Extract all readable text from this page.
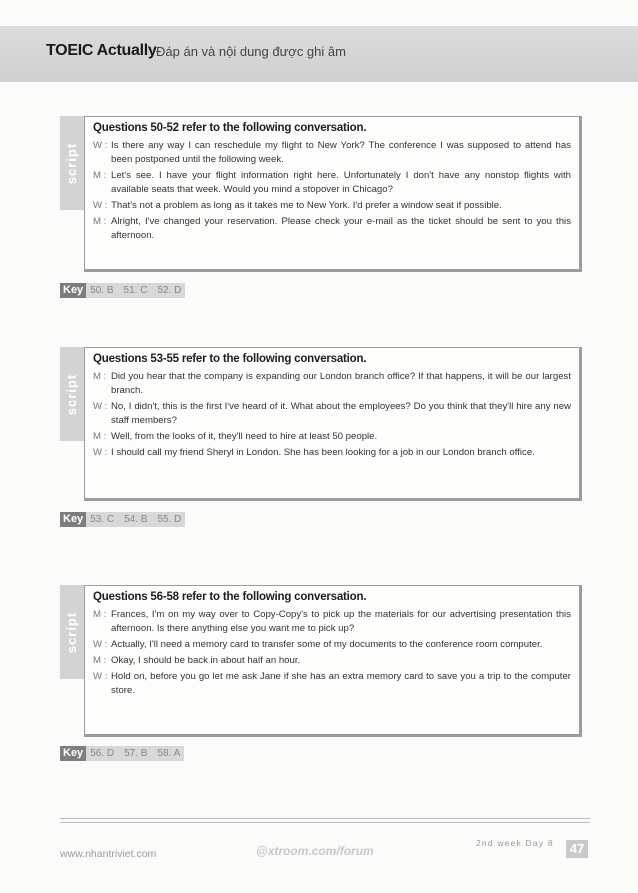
TOEIC Actually Đáp án và nội dung được ghi âm
script
Questions 50-52 refer to the following conversation.
W : Is there any way I can reschedule my flight to New York? The conference I was supposed to attend has been postponed until the following week.
M : Let's see. I have your flight information right here. Unfortunately I don't have any nonstop flights with available seats that week. Would you mind a stopover in Chicago?
W : That's not a problem as long as it takes me to New York. I'd prefer a window seat if possible.
M : Alright, I've changed your reservation. Please check your e-mail as the ticket should be sent to you this afternoon.
Key 50. B 51. C 52. D
script
Questions 53-55 refer to the following conversation.
M : Did you hear that the company is expanding our London branch office? If that happens, it will be our largest branch.
W : No, I didn't, this is the first I've heard of it. What about the employees? Do you think that they'll hire any new staff members?
M : Well, from the looks of it, they'll need to hire at least 50 people.
W : I should call my friend Sheryl in London. She has been looking for a job in our London branch office.
Key 53. C 54. B 55. D
script
Questions 56-58 refer to the following conversation.
M : Frances, I'm on my way over to Copy-Copy's to pick up the materials for our advertising presentation this afternoon. Is there anything else you want me to pick up?
W : Actually, I'll need a memory card to transfer some of my documents to the conference room computer.
M : Okay, I should be back in about half an hour.
W : Hold on, before you go let me ask Jane if she has an extra memory card to save you a trip to the computer store.
Key 56. D 57. B 58. A
www.nhantriviet.com	@xtroom.com/forum
2nd week Day 8 47
